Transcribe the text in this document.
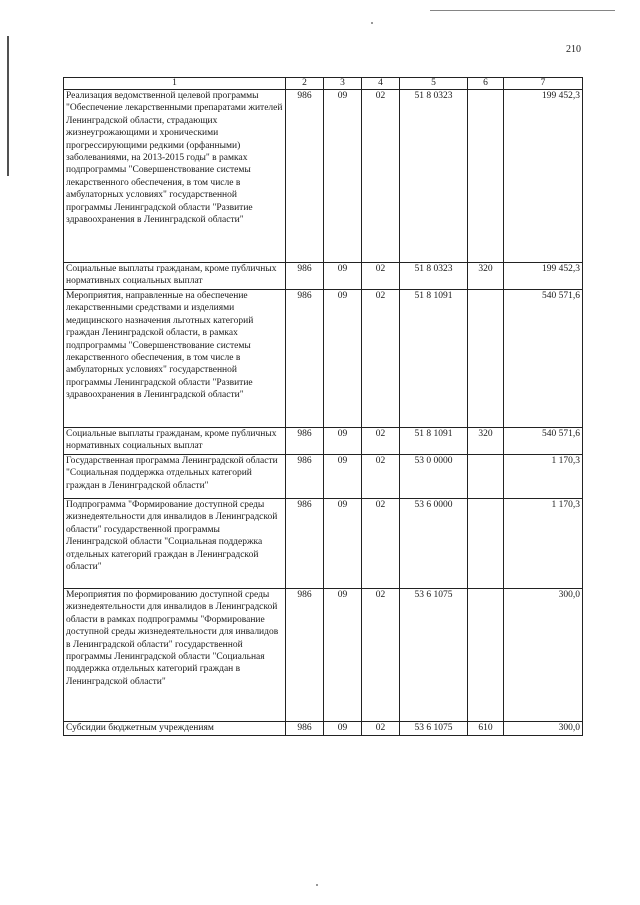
210
1	2	3	4	5	6	7
Реализация ведомственной целевой программы "Обеспечение лекарственными препаратами жителей Ленинградской области, страдающих жизнеугрожающими и хроническими прогрессирующими редкими (орфанными) заболеваниями, на 2013-2015 годы" в рамках подпрограммы "Совершенствование системы лекарственного обеспечения, в том числе в амбулаторных условиях" государственной программы Ленинградской области "Развитие здравоохранения в Ленинградской области"	986	09	02	51 8 0323		199 452,3
Социальные выплаты гражданам, кроме публичных нормативных социальных выплат	986	09	02	51 8 0323	320	199 452,3
Мероприятия, направленные на обеспечение лекарственными средствами и изделиями медицинского назначения льготных категорий граждан Ленинградской области, в рамках подпрограммы "Совершенствование системы лекарственного обеспечения, в том числе в амбулаторных условиях" государственной программы Ленинградской области "Развитие здравоохранения в Ленинградской области"	986	09	02	51 8 1091		540 571,6
Социальные выплаты гражданам, кроме публичных нормативных социальных выплат	986	09	02	51 8 1091	320	540 571,6
Государственная программа Ленинградской области "Социальная поддержка отдельных категорий граждан в Ленинградской области"	986	09	02	53 0 0000		1 170,3
Подпрограмма "Формирование доступной среды жизнедеятельности для инвалидов в Ленинградской области" государственной программы Ленинградской области "Социальная поддержка отдельных категорий граждан в Ленинградской области"	986	09	02	53 6 0000		1 170,3
Мероприятия по формированию доступной среды жизнедеятельности для инвалидов в Ленинградской области в рамках подпрограммы "Формирование доступной среды жизнедеятельности для инвалидов в Ленинградской области" государственной программы Ленинградской области "Социальная поддержка отдельных категорий граждан в Ленинградской области"	986	09	02	53 6 1075		300,0
Субсидии бюджетным учреждениям	986	09	02	53 6 1075	610	300,0
